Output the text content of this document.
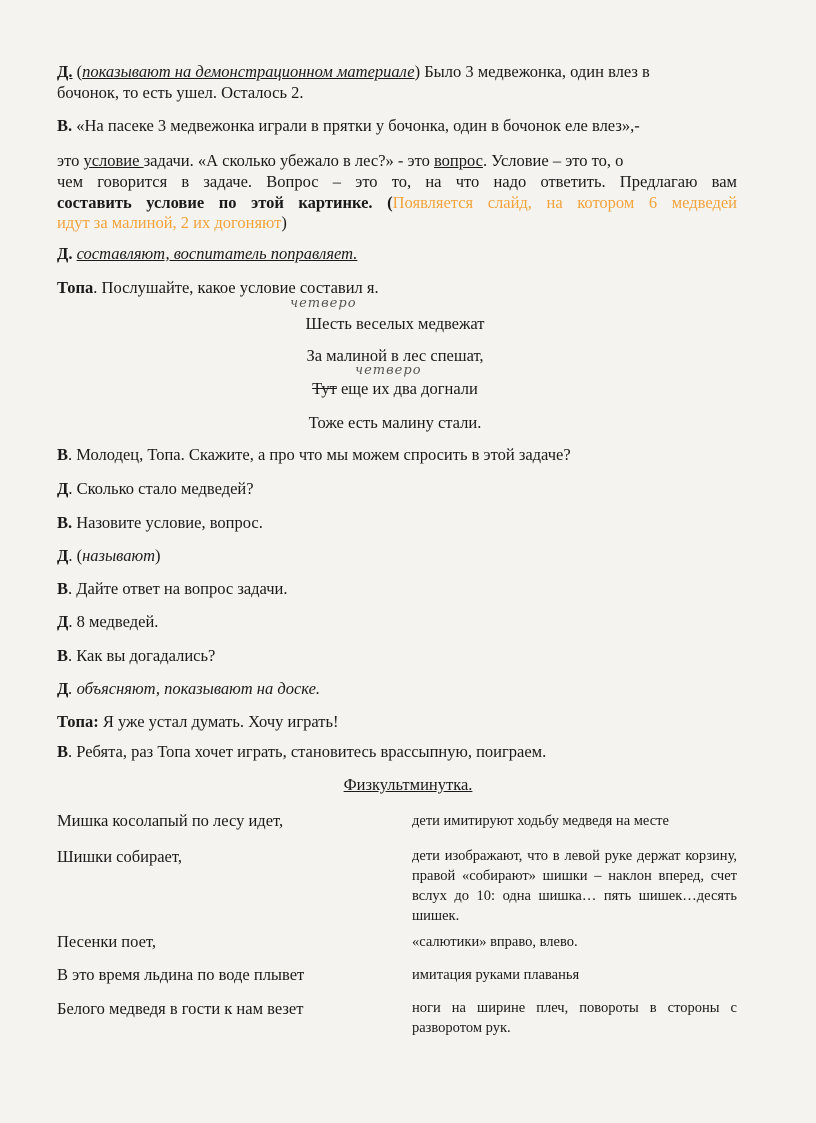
Д. (показывают на демонстрационном материале) Было 3 медвежонка, один влез в
бочонок, то есть ушел. Осталось 2.
В. «На пасеке 3 медвежонка играли в прятки у бочонка, один в бочонок еле влез»,-
это условие задачи. «А сколько убежало в лес?» - это вопрос. Условие – это то, о
чем говорится в задаче. Вопрос – это то, на что надо ответить. Предлагаю вам
составить условие по этой картинке. (Появляется слайд, на котором 6 медведей
идут за малиной, 2 их догоняют)
Д. составляют, воспитатель поправляет.
Топа. Послушайте, какое условие составил я.
четверо
Шесть веселых медвежат
За малиной в лес спешат,
четверо
Тут еще их два догнали
Тоже есть малину стали.
В. Молодец, Топа. Скажите, а про что мы можем спросить в этой задаче?
Д. Сколько стало медведей?
В. Назовите условие, вопрос.
Д. (называют)
В. Дайте ответ на вопрос задачи.
Д. 8 медведей.
В. Как вы догадались?
Д. объясняют, показывают на доске.
Топа: Я уже устал думать. Хочу играть!
В. Ребята, раз Топа хочет играть, становитесь врассыпную, поиграем.
Физкультминутка.
Мишка косолапый по лесу идет,	дети имитируют ходьбу медведя на месте
Шишки собирает,	дети изображают, что в левой руке держат корзину, правой «собирают» шишки – наклон вперед, счет вслух до 10: одна шишка… пять шишек…десять шишек.
Песенки поет,	«салютики» вправо, влево.
В это время льдина по воде плывет	имитация руками плаванья
Белого медведя в гости к нам везет	ноги на ширине плеч, повороты в стороны с разворотом рук.
